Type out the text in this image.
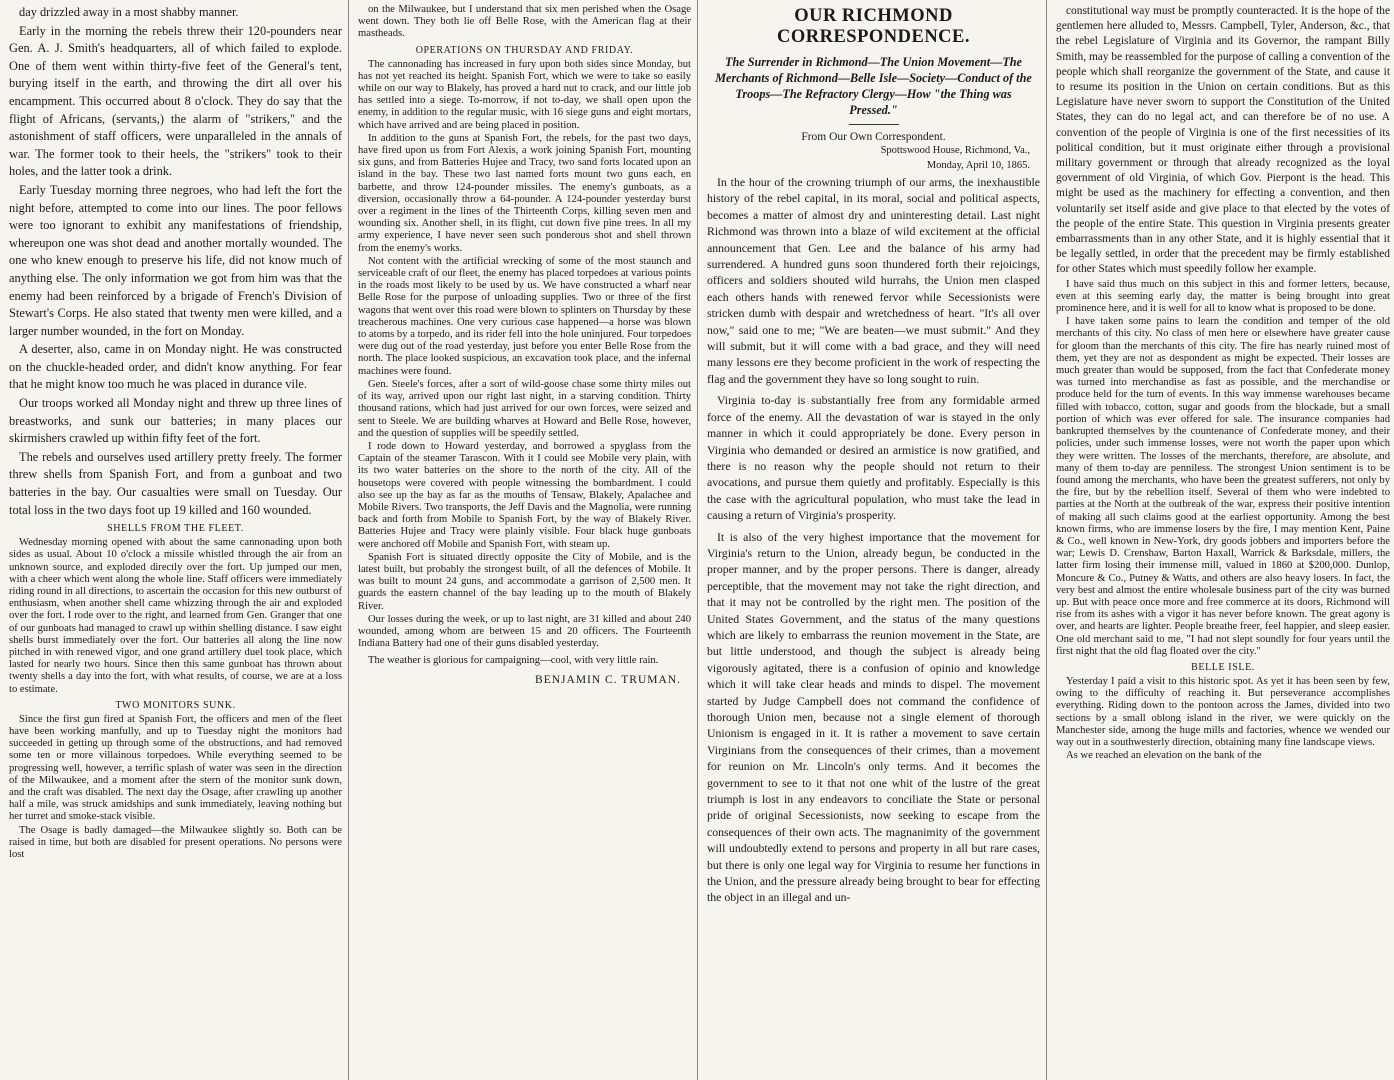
day drizzled away in a most shabby manner.

Early in the morning the rebels threw their 120-pounders near Gen. A. J. Smith's headquarters, all of which failed to explode. One of them went within thirty-five feet of the General's tent, burying itself in the earth, and throwing the dirt all over his encampment. This occurred about 8 o'clock. They do say that the flight of Africans, (servants,) the alarm of "strikers," and the astonishment of staff officers, were unparalleled in the annals of war. The former took to their heels, the "strikers" took to their holes, and the latter took a drink.

Early Tuesday morning three negroes, who had left the fort the night before, attempted to come into our lines. The poor fellows were too ignorant to exhibit any manifestations of friendship, whereupon one was shot dead and another mortally wounded. The one who knew enough to preserve his life, did not know much of anything else. The only information we got from him was that the enemy had been reinforced by a brigade of French's Division of Stewart's Corps. He also stated that twenty men were killed, and a larger number wounded, in the fort on Monday.

A deserter, also, came in on Monday night. He was constructed on the chuckle-headed order, and didn't know anything. For fear that he might know too much he was placed in durance vile.

Our troops worked all Monday night and threw up three lines of breastworks, and sunk our batteries; in many places our skirmishers crawled up within fifty feet of the fort.

The rebels and ourselves used artillery pretty freely. The former threw shells from Spanish Fort, and from a gunboat and two batteries in the bay. Our casualties were small on Tuesday. Our total loss in the two days foot up 19 killed and 160 wounded.

SHELLS FROM THE FLEET.

Wednesday morning opened with about the same cannonading upon both sides as usual. About 10 o'clock a missile whistled through the air from an unknown source, and exploded directly over the fort. Up jumped our men, with a cheer which went along the whole line. Staff officers were immediately riding round in all directions, to ascertain the occasion for this new outburst of enthusiasm, when another shell came whizzing through the air and exploded over the fort. I rode over to the right, and learned from Gen. Granger that one of our gunboats had managed to crawl up within shelling distance. I saw eight shells burst immediately over the fort. Our batteries all along the line now pitched in with renewed vigor, and one grand artillery duel took place, which lasted for nearly two hours. Since then this same gunboat has thrown about twenty shells a day into the fort, with what results, of course, we are at a loss to estimate.

TWO MONITORS SUNK.

Since the first gun fired at Spanish Fort, the officers and men of the fleet have been working manfully, and up to Tuesday night the monitors had succeeded in getting up through some of the obstructions, and had removed some ten or more villainous torpedoes. While everything seemed to be progressing well, however, a terrific splash of water was seen in the direction of the Milwaukee, and a moment after the stern of the monitor sunk down, and the craft was disabled. The next day the Osage, after crawling up another half a mile, was struck amidships and sunk immediately, leaving nothing but her turret and smoke-stack visible.

The Osage is badly damaged—the Milwaukee slightly so. Both can be raised in time, but both are disabled for present operations. No persons were lost

on the Milwaukee, but I understand that six men perished when the Osage went down. They both lie off Belle Rose, with the American flag at their mastheads.

OPERATIONS ON THURSDAY AND FRIDAY.

The cannonading has increased in fury upon both sides since Monday, but has not yet reached its height. Spanish Fort, which we were to take so easily while on our way to Blakely, has proved a hard nut to crack, and our little job has settled into a siege. To-morrow, if not to-day, we shall open upon the enemy, in addition to the regular music, with 16 siege guns and eight mortars, which have arrived and are being placed in position.

In addition to the guns at Spanish Fort, the rebels, for the past two days, have fired upon us from Fort Alexis, a work joining Spanish Fort, mounting six guns, and from Batteries Hujee and Tracy, two sand forts located upon an island in the bay. These two last named forts mount two guns each, en barbette, and throw 124-pounder missiles. The enemy's gunboats, as a diversion, occasionally throw a 64-pounder. A 124-pounder yesterday burst over a regiment in the lines of the Thirteenth Corps, killing seven men and wounding six. Another shell, in its flight, cut down five pine trees. In all my army experience, I have never seen such ponderous shot and shell thrown from the enemy's works.

Not content with the artificial wrecking of some of the most staunch and serviceable craft of our fleet, the enemy has placed torpedoes at various points in the roads most likely to be used by us. We have constructed a wharf near Belle Rose for the purpose of unloading supplies. Two or three of the first wagons that went over this road were blown to splinters on Thursday by these treacherous machines. One very curious case happened—a horse was blown to atoms by a torpedo, and its rider fell into the hole uninjured. Four torpedoes were dug out of the road yesterday, just before you enter Belle Rose from the north. The place looked suspicious, an excavation took place, and the infernal machines were found.

Gen. Steele's forces, after a sort of wild-goose chase some thirty miles out of its way, arrived upon our right last night, in a starving condition. Thirty thousand rations, which had just arrived for our own forces, were seized and sent to Steele. We are building wharves at Howard and Belle Rose, however, and the question of supplies will be speedily settled.

I rode down to Howard yesterday, and borrowed a spyglass from the Captain of the steamer Tarascon. With it I could see Mobile very plain, with its two water batteries on the shore to the north of the city. All of the housetops were covered with people witnessing the bombardment. I could also see up the bay as far as the mouths of Tensaw, Blakely, Apalachee and Mobile Rivers. Two transports, the Jeff Davis and the Magnolia, were running back and forth from Mobile to Spanish Fort, by the way of Blakely River. Batteries Hujee and Tracy were plainly visible. Four black huge gunboats were anchored off Mobile and Spanish Fort, with steam up.

Spanish Fort is situated directly opposite the City of Mobile, and is the latest built, but probably the strongest built, of all the defences of Mobile. It was built to mount 24 guns, and accommodate a garrison of 2,500 men. It guards the eastern channel of the bay leading up to the mouth of Blakely River.

Our losses during the week, or up to last night, are 31 killed and about 240 wounded, among whom are between 15 and 20 officers. The Fourteenth Indiana Battery had one of their guns disabled yesterday.

The weather is glorious for campaigning—cool, with very little rain.

BENJAMIN C. TRUMAN.
OUR RICHMOND CORRESPONDENCE.
The Surrender in Richmond—The Union Movement—The Merchants of Richmond—Belle Isle—Society—Conduct of the Troops—The Refractory Clergy—How "the Thing was Pressed."
From Our Own Correspondent.
Spottswood House, Richmond, Va.,
Monday, April 10, 1865.

In the hour of the crowning triumph of our arms, the inexhaustible history of the rebel capital, in its moral, social and political aspects, becomes a matter of almost dry and uninteresting detail. Last night Richmond was thrown into a blaze of wild excitement at the official announcement that Gen. Lee and the balance of his army had surrendered. A hundred guns soon thundered forth their rejoicings, officers and soldiers shouted wild hurrahs, the Union men clasped each others hands with renewed fervor while Secessionists were stricken dumb with despair and wretchedness of heart. "It's all over now," said one to me; "We are beaten—we must submit." And they will submit, but it will come with a bad grace, and they will need many lessons ere they become proficient in the work of respecting the flag and the government they have so long sought to ruin.

Virginia to-day is substantially free from any formidable armed force of the enemy. All the devastation of war is stayed in the only manner in which it could appropriately be done. Every person in Virginia who demanded or desired an armistice is now gratified, and there is no reason why the people should not return to their avocations, and pursue them quietly and profitably. Especially is this the case with the agricultural population, who must take the lead in causing a return of Virginia's prosperity.

It is also of the very highest importance that the movement for Virginia's return to the Union, already begun, be conducted in the proper manner, and by the proper persons. There is danger, already perceptible, that the movement may not take the right direction, and that it may not be controlled by the right men. The position of the United States Government, and the status of the many questions which are likely to embarrass the reunion movement in the State, are but little understood, and though the subject is already being vigorously agitated, there is a confusion of opinio and knowledge which it will take clear heads and minds to dispel. The movement started by Judge Campbell does not command the confidence of thorough Union men, because not a single element of thorough Unionism is engaged in it. It is rather a movement to save certain Virginians from the consequences of their crimes, than a movement for reunion on Mr. Lincoln's only terms. And it becomes the government to see to it that not one whit of the lustre of the great triumph is lost in any endeavors to conciliate the State or personal pride of original Secessionists, now seeking to escape from the consequences of their own acts. The magnanimity of the government will undoubtedly extend to persons and property in all but rare cases, but there is only one legal way for Virginia to resume her functions in the Union, and the pressure already being brought to bear for effecting the object in an illegal and un-

constitutional way must be promptly counteracted. It is the hope of the gentlemen here alluded to, Messrs. Campbell, Tyler, Anderson, &c., that the rebel Legislature of Virginia and its Governor, the rampant Billy Smith, may be reassembled for the purpose of calling a convention of the people which shall reorganize the government of the State, and cause it to resume its position in the Union on certain conditions. But as this Legislature have never sworn to support the Constitution of the United States, they can do no legal act, and can therefore be of no use. A convention of the people of Virginia is one of the first necessities of its political condition, but it must originate either through a provisional military government or through that already recognized as the loyal government of old Virginia, of which Gov. Pierpont is the head. This might be used as the machinery for effecting a convention, and then voluntarily set itself aside and give place to that elected by the votes of the people of the entire State. This question in Virginia presents greater embarrassments than in any other State, and it is highly essential that it be legally settled, in order that the precedent may be firmly established for other States which must speedily follow her example.

I have said thus much on this subject in this and former letters, because, even at this seeming early day, the matter is being brought into great prominence here, and it is well for all to know what is proposed to be done.

I have taken some pains to learn the condition and temper of the old merchants of this city. No class of men here or elsewhere have greater cause for gloom than the merchants of this city. The fire has nearly ruined most of them, yet they are not as despondent as might be expected. Their losses are much greater than would be supposed, from the fact that Confederate money was turned into merchandise as fast as possible, and the merchandise or produce held for the turn of events. In this way immense warehouses became filled with tobacco, cotton, sugar and goods from the blockade, but a small portion of which was ever offered for sale. The insurance companies had bankrupted themselves by the countenance of Confederate money, and their policies, under such immense losses, were not worth the paper upon which they were written. The losses of the merchants, therefore, are absolute, and many of them to-day are penniless. The strongest Union sentiment is to be found among the merchants, who have been the greatest sufferers, not only by the fire, but by the rebellion itself. Several of them who were indebted to parties at the North at the outbreak of the war, express their positive intention of making all such claims good at the earliest opportunity. Among the best known firms, who are immense losers by the fire, I may mention Kent, Paine & Co., well known in New-York, dry goods jobbers and importers before the war; Lewis D. Crenshaw, Barton Haxall, Warrick & Barksdale, millers, the latter firm losing their immense mill, valued in 1860 at $200,000. Dunlop, Moncure & Co., Putney & Watts, and others are also heavy losers. In fact, the very best and almost the entire wholesale business part of the city was burned up. But with peace once more and free commerce at its doors, Richmond will rise from its ashes with a vigor it has never before known. The great agony is over, and hearts are lighter. People breathe freer, feel happier, and sleep easier. One old merchant said to me, "I had not slept soundly for four years until the first night that the old flag floated over the city."

BELLE ISLE.

Yesterday I paid a visit to this historic spot. As yet it has been seen by few, owing to the difficulty of reaching it. But perseverance accomplishes everything. Riding down to the pontoon across the James, divided into two sections by a small oblong island in the river, we were quickly on the Manchester side, among the huge mills and factories, whence we wended our way out in a southwesterly direction, obtaining many fine landscape views.

As we reached an elevation on the bank of the
